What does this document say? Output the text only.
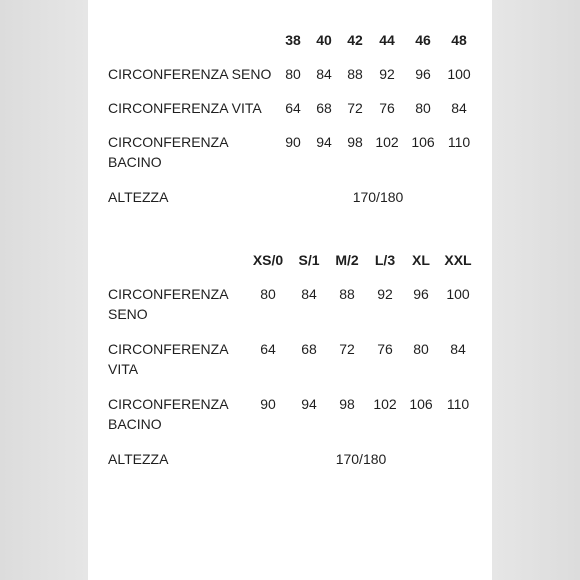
38 40 42 44 46 48
CIRCONFERENZA SENO 80 84 88 92 96 100
CIRCONFERENZA VITA 64 68 72 76 80 84
CIRCONFERENZA
BACINO
90 94 98 102 106 110
ALTEZZA	170/180
XS/0 S/1 M/2 L/3 XL XXL
CIRCONFERENZA
SENO
80 84 88 92 96 100
CIRCONFERENZA
VITA
64 68 72 76 80 84
CIRCONFERENZA
BACINO
90 94 98 102 106 110
ALTEZZA	170/180
